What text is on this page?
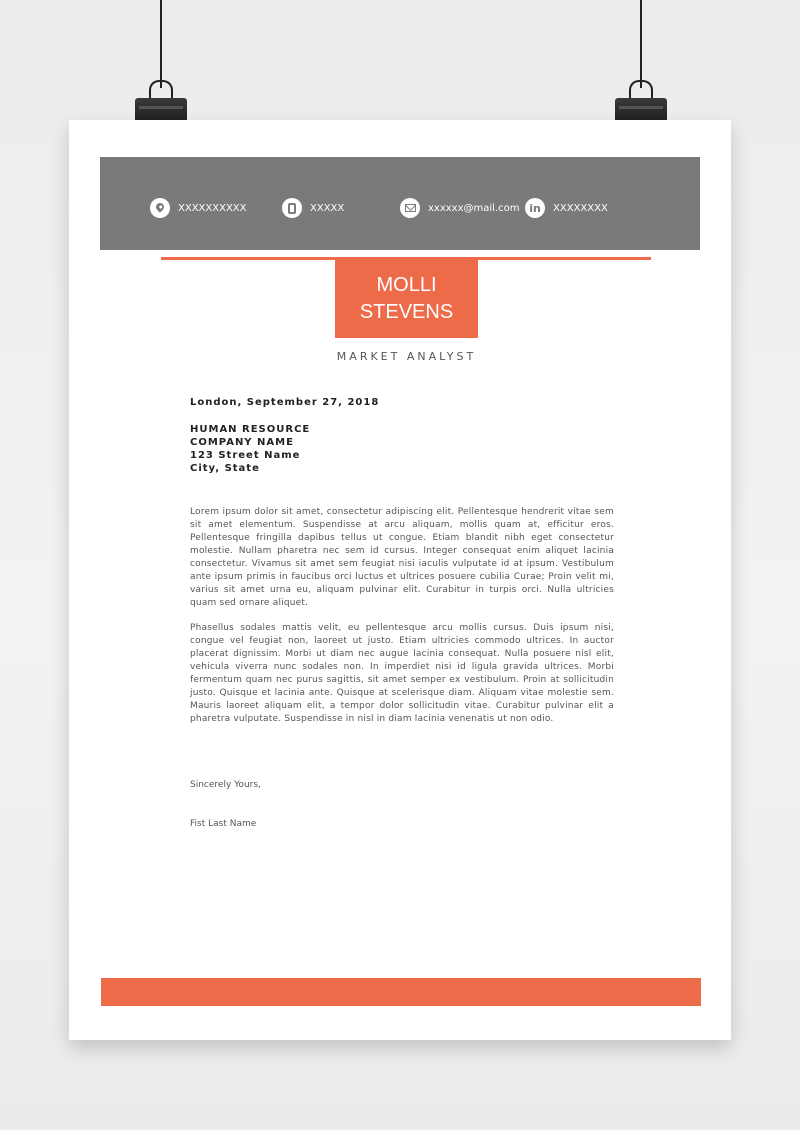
XXXXXXXXXX	XXXXX	xxxxxx@mail.com in	XXXXXXXX
MOLLI
STEVENS
MARKET ANALYST
London, September 27, 2018
HUMAN RESOURCE
COMPANY NAME
123 Street Name
City, State
Lorem ipsum dolor sit amet, consectetur adipiscing elit. Pellentesque hendrerit vitae sem sit amet elementum. Suspendisse at arcu aliquam, mollis quam at, efficitur eros. Pellentesque fringilla dapibus tellus ut congue. Etiam blandit nibh eget consectetur molestie. Nullam pharetra nec sem id cursus. Integer consequat enim aliquet lacinia consectetur. Vivamus sit amet sem feugiat nisi iaculis vulputate id at ipsum. Vestibulum ante ipsum primis in faucibus orci luctus et ultrices posuere cubilia Curae; Proin velit mi, varius sit amet urna eu, aliquam pulvinar elit. Curabitur in turpis orci. Nulla ultricies quam sed ornare aliquet.
Phasellus sodales mattis velit, eu pellentesque arcu mollis cursus. Duis ipsum nisi, congue vel feugiat non, laoreet ut justo. Etiam ultricies commodo ultrices. In auctor placerat dignissim. Morbi ut diam nec augue lacinia consequat. Nulla posuere nisl elit, vehicula viverra nunc sodales non. In imperdiet nisi id ligula gravida ultrices. Morbi fermentum quam nec purus sagittis, sit amet semper ex vestibulum. Proin at sollicitudin justo. Quisque et lacinia ante. Quisque at scelerisque diam. Aliquam vitae molestie sem. Mauris laoreet aliquam elit, a tempor dolor sollicitudin vitae. Curabitur pulvinar elit a pharetra vulputate. Suspendisse in nisl in diam lacinia venenatis ut non odio.
Sincerely Yours,
Fist Last Name
